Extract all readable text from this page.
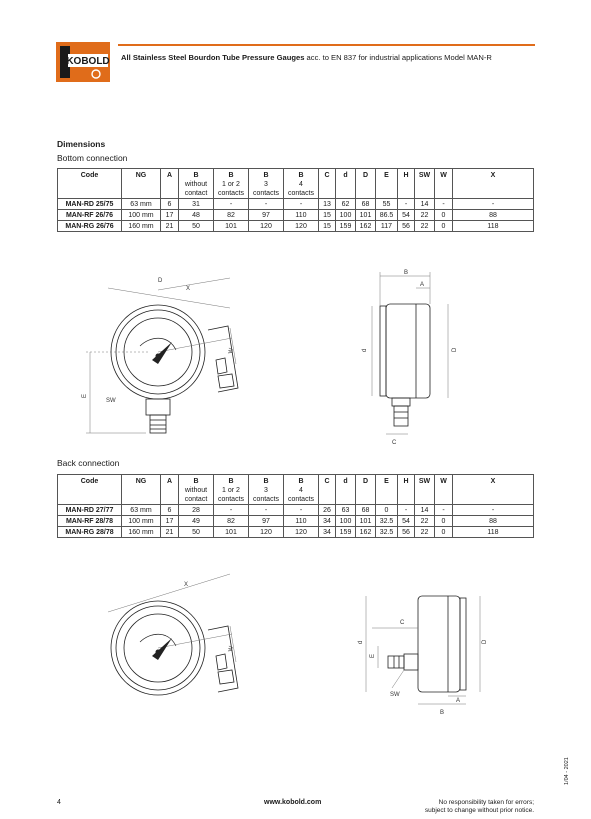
KOBOLD All Stainless Steel Bourdon Tube Pressure Gauges acc. to EN 837 for industrial applications Model MAN-R
Dimensions
Bottom connection
Code	NG	A	B
without
contact	B
1 or 2
contacts	B
3
contacts	B
4
contacts	C	d	D	E	H	SW	W	X
MAN-RD 25/75	63 mm	6	31	-	-	-	13	62	68	55	-	14	-	-
MAN-RF 26/76	100 mm	17	48	82	97	110	15	100	101	86.5	54	22	0	88
MAN-RG 26/76	160 mm	21	50	101	120	120	15	159	162	117	56	22	0	118
D
X
W
E
SW
B
A
d	D
C
Back connection
Code	NG	A	B
without
contact	B
1 or 2
contacts	B
3
contacts	B
4
contacts	C	d	D	E	H	SW	W	X
MAN-RD 27/77	63 mm	6	28	-	-	-	26	63	68	0	-	14	-	-
MAN-RF 28/78	100 mm	17	49	82	97	110	34	100	101	32.5	54	22	0	88
MAN-RG 28/78	160 mm	21	50	101	120	120	34	159	162	32.5	56	22	0	118
X
W
C
d
E
D
SW
A
B
4	www.kobold.com	No responsibility taken for errors;
subject to change without prior notice.
1/04 - 2021
